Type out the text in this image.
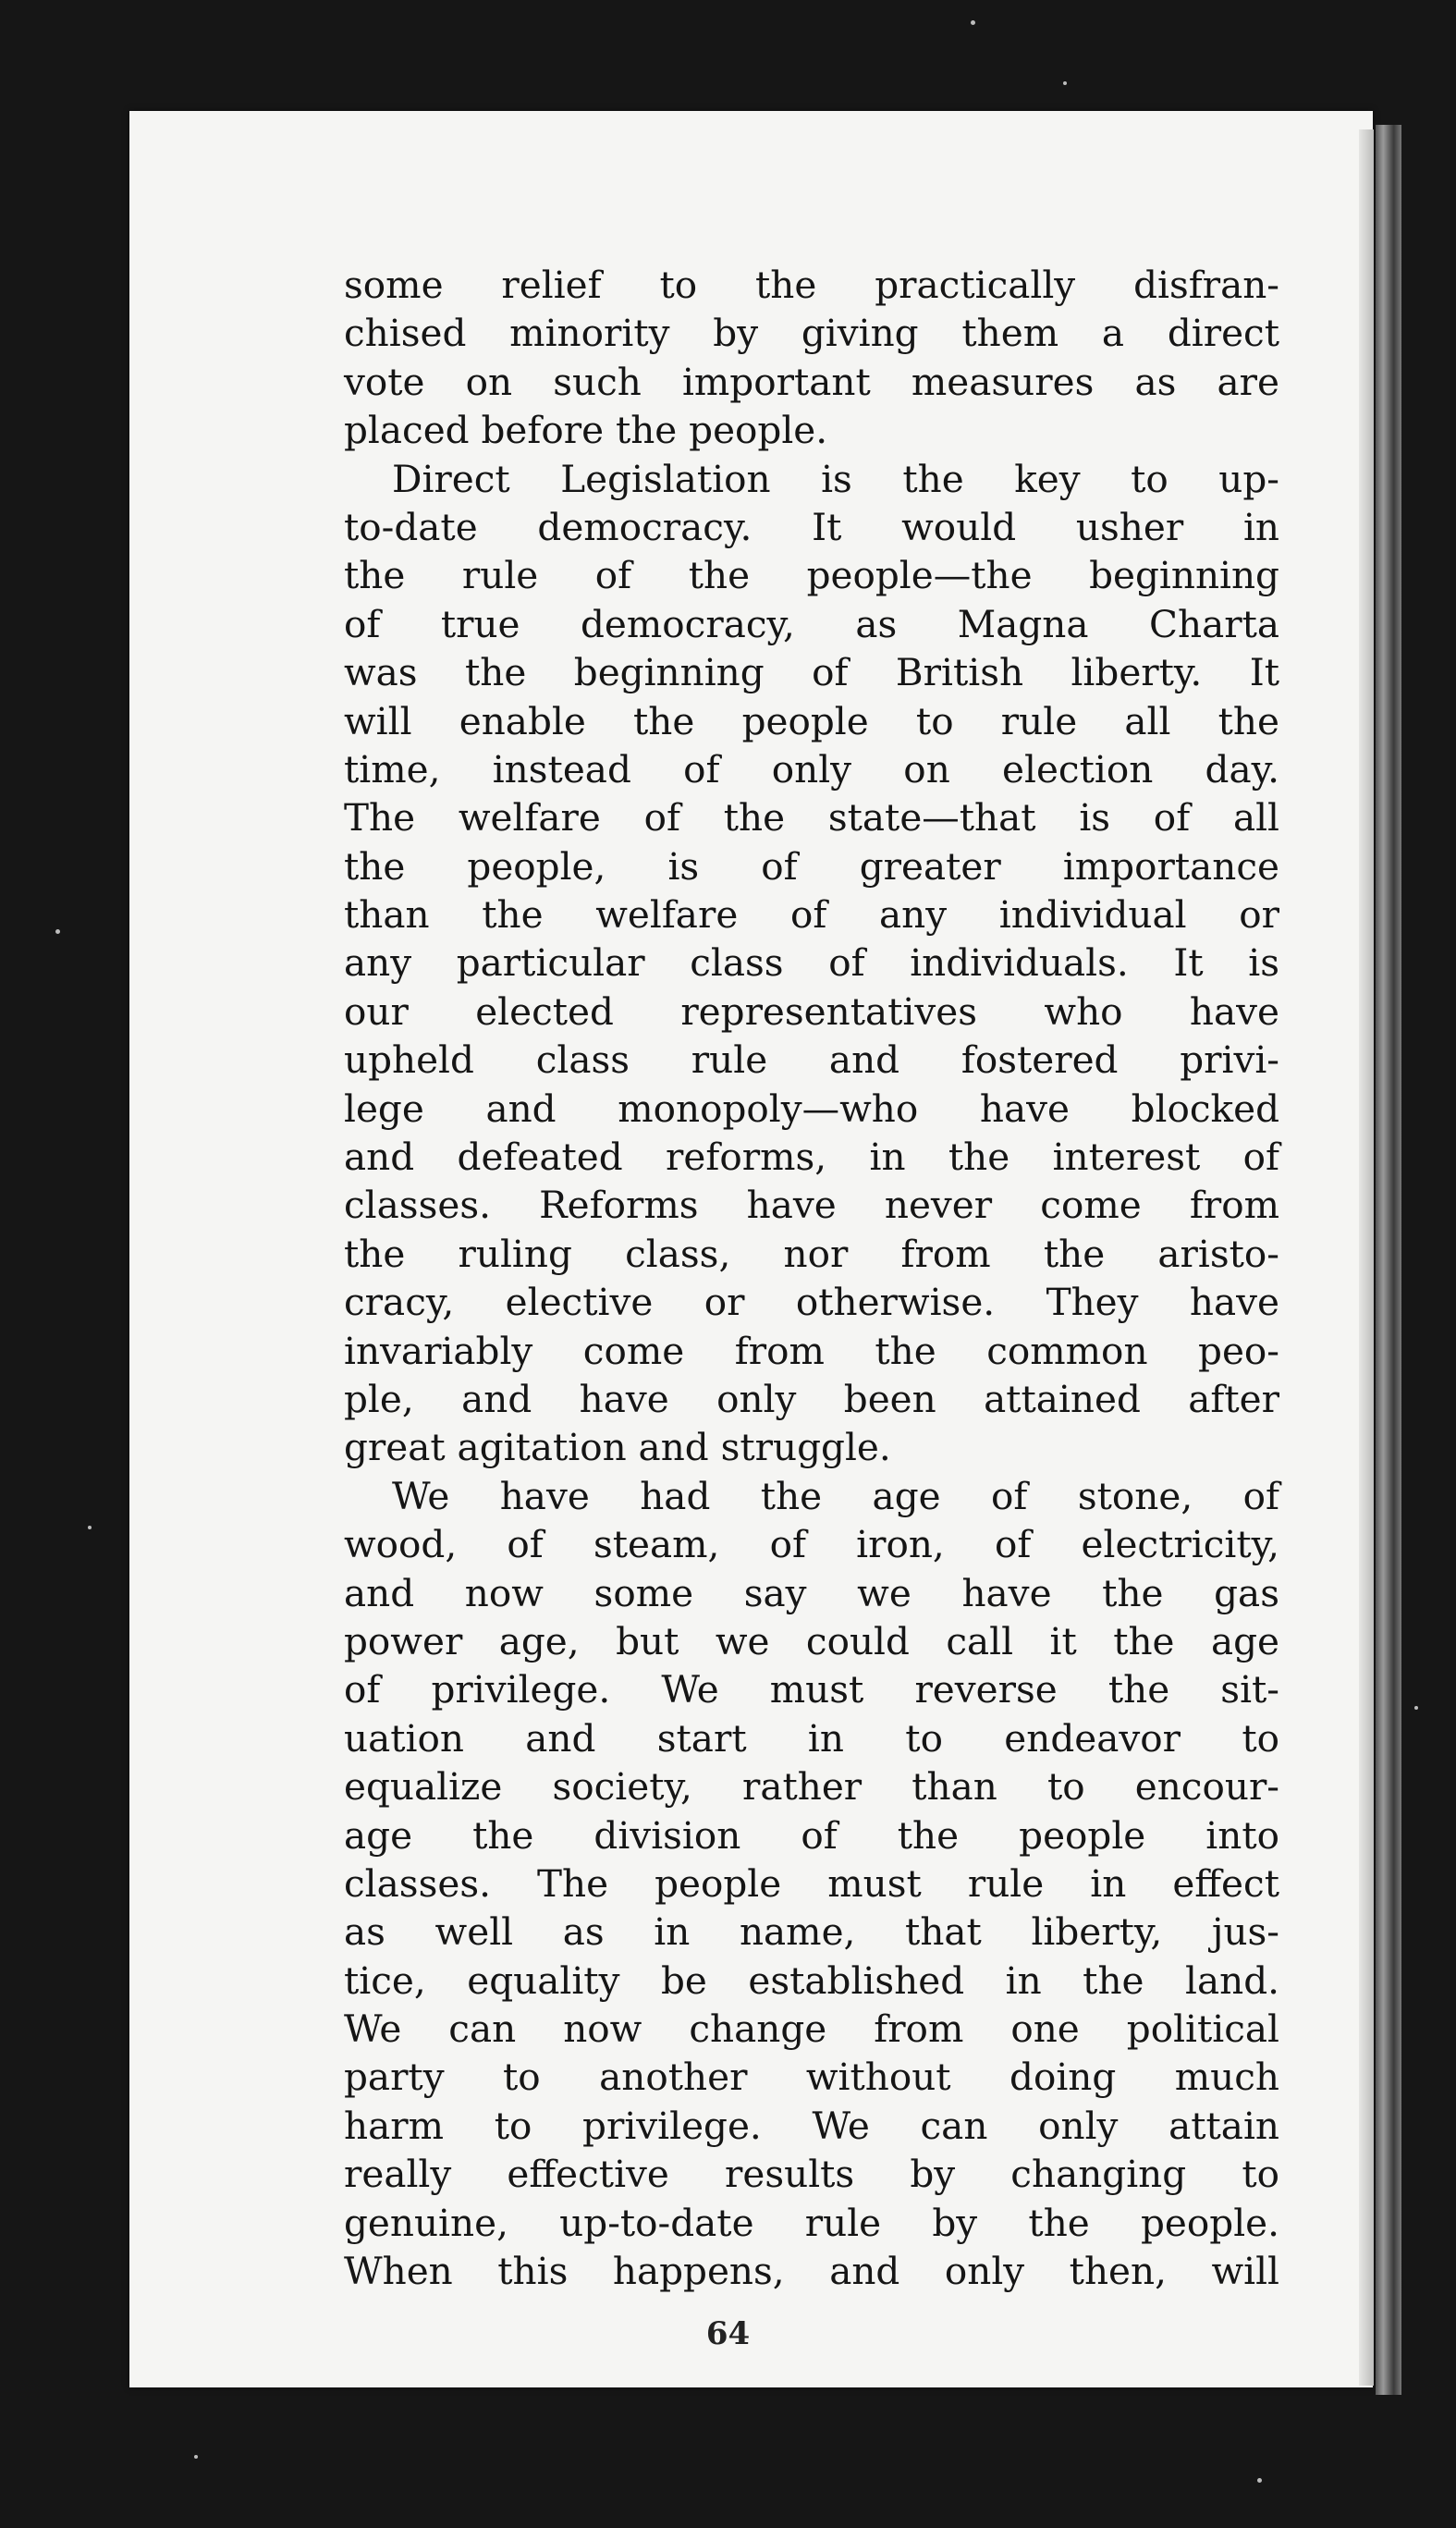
some relief to the practically disfran-
chised minority by giving them a direct
vote on such important measures as are
placed before the people.
Direct Legislation is the key to up-
to-date democracy. It would usher in
the rule of the people—the beginning
of true democracy, as Magna Charta
was the beginning of British liberty. It
will enable the people to rule all the
time, instead of only on election day.
The welfare of the state—that is of all
the people, is of greater importance
than the welfare of any individual or
any particular class of individuals. It is
our elected representatives who have
upheld class rule and fostered privi-
lege and monopoly—who have blocked
and defeated reforms, in the interest of
classes. Reforms have never come from
the ruling class, nor from the aristo-
cracy, elective or otherwise. They have
invariably come from the common peo-
ple, and have only been attained after
great agitation and struggle.
We have had the age of stone, of
wood, of steam, of iron, of electricity,
and now some say we have the gas
power age, but we could call it the age
of privilege. We must reverse the sit-
uation and start in to endeavor to
equalize society, rather than to encour-
age the division of the people into
classes. The people must rule in effect
as well as in name, that liberty, jus-
tice, equality be established in the land.
We can now change from one political
party to another without doing much
harm to privilege. We can only attain
really effective results by changing to
genuine, up-to-date rule by the people.
When this happens, and only then, will
64
